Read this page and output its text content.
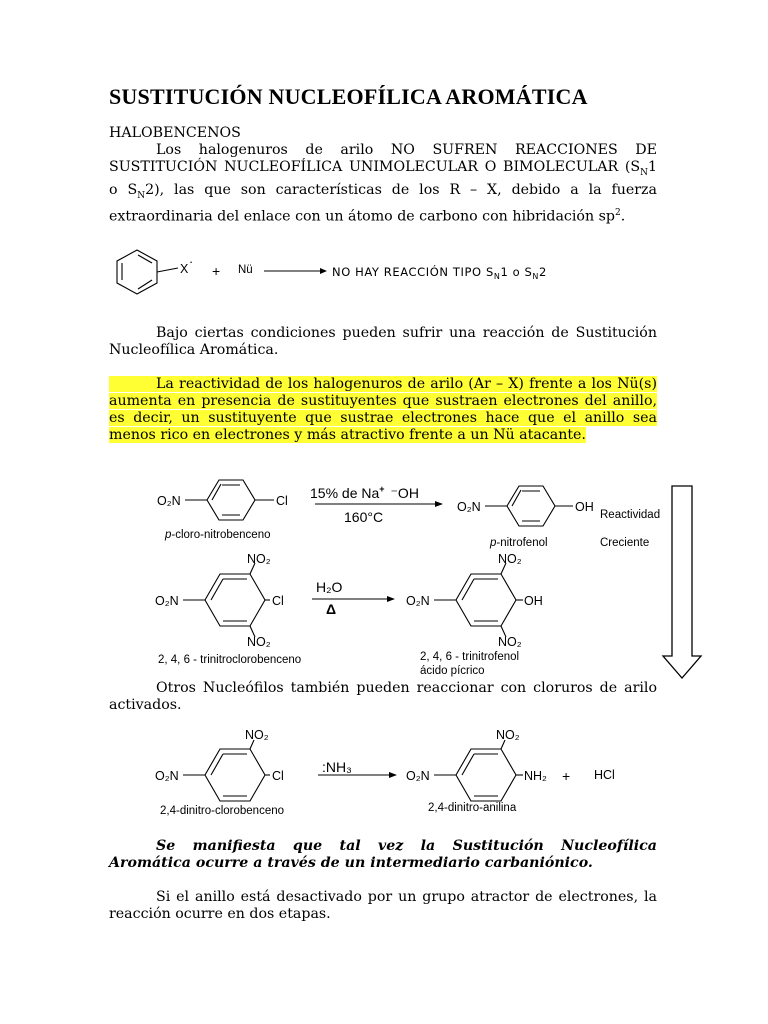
SUSTITUCIÓN NUCLEOFÍLICA AROMÁTICA

HALOBENCENOS

Los halogenuros de arilo NO SUFREN REACCIONES DE SUSTITUCIÓN NUCLEOFÍLICA UNIMOLECULAR O BIMOLECULAR ($S_N1$ o $S_N2$), las que son características de los R – X, debido a la fuerza extraordinaria del enlace con un átomo de carbono con hibridación $sp^2$.

X ·
+ Nü	NO HAY REACCIÓN TIPO $S_N1$ o $S_N2$

Bajo ciertas condiciones pueden sufrir una reacción de Sustitución Nucleofílica Aromática.

La reactividad de los halogenuros de arilo (Ar – X) frente a los Nü(s) aumenta en presencia de sustituyentes que sustraen electrones del anillo, es decir, un sustituyente que sustrae electrones hace que el anillo sea menos rico en electrones y más atractivo frente a un Nü atacante.

O₂N	Cl
p-cloro-nitrobenceno
15% de Na+ ⁻OH
160°C
O₂N	OH
p-nitrofenol
Reactividad
Creciente
NO₂
O₂N	Cl
NO₂
2, 4, 6 - trinitroclorobenceno
H₂O
Δ
NO₂
O₂N	OH
NO₂
2, 4, 6 - trinitrofenol
ácido pícrico

Otros Nucleófilos también pueden reaccionar con cloruros de arilo activados.

NO₂
O₂N	Cl
2,4-dinitro-clorobenceno
:NH₃
NO₂
O₂N	NH₂ + HCl
2,4-dinitro-anilina

Se manifiesta que tal vez la Sustitución Nucleofílica Aromática ocurre a través de un intermediario carbaniónico.

Si el anillo está desactivado por un grupo atractor de electrones, la reacción ocurre en dos etapas.
